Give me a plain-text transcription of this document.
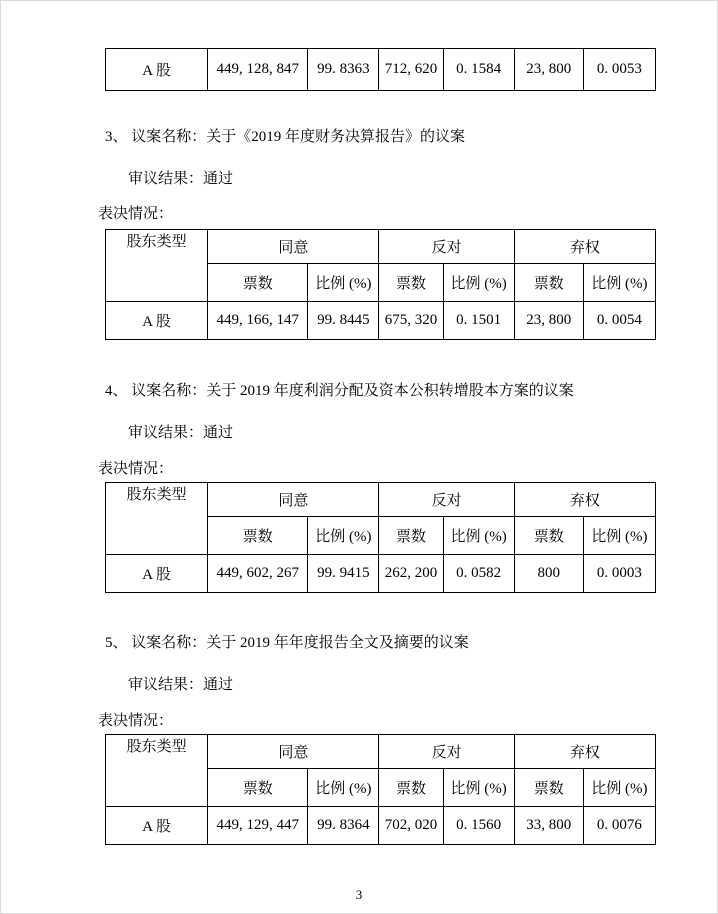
A 股	449, 128, 847	99. 8363	712, 620	0. 1584	23, 800	0. 0053
3、 议案名称：关于《2019 年度财务决算报告》的议案
审议结果：通过
表决情况：
股东类型	同意		反对		弃权	
	票数	比例 (%)	票数	比例 (%)	票数	比例 (%)
A 股	449, 166, 147	99. 8445	675, 320	0. 1501	23, 800	0. 0054
4、 议案名称：关于 2019 年度利润分配及资本公积转增股本方案的议案
审议结果：通过
表决情况：
股东类型	同意		反对		弃权	
	票数	比例 (%)	票数	比例 (%)	票数	比例 (%)
A 股	449, 602, 267	99. 9415	262, 200	0. 0582	800	0. 0003
5、 议案名称：关于 2019 年年度报告全文及摘要的议案
审议结果：通过
表决情况：
股东类型	同意		反对		弃权	
	票数	比例 (%)	票数	比例 (%)	票数	比例 (%)
A 股	449, 129, 447	99. 8364	702, 020	0. 1560	33, 800	0. 0076
3
